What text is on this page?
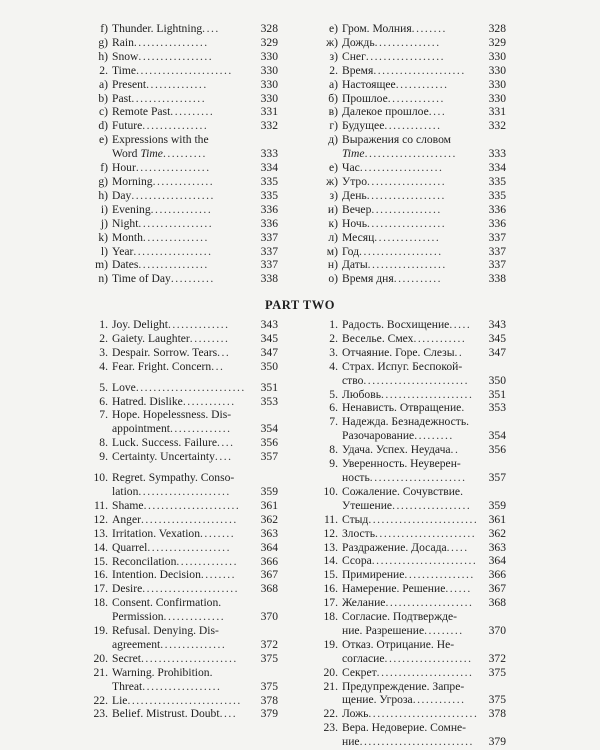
f) Thunder. Lightning....	328
g) Rain.................	329
h) Snow.................	330
2. Time......................	330
a) Present..............	330
b) Past.................	330
c) Remote Past..........	331
d) Future...............	332
e) Expressions with the
Word Time..........	333
f) Hour.................	334
g) Morning..............	335
h) Day...................	335
i) Evening..............	336
j) Night.................	336
k) Month...............	337
l) Year..................	337
m) Dates................	337
n) Time of Day..........	338
е) Гром. Молния........	328
ж) Дождь...............	329
з) Снег..................	330
2. Время.....................	330
а) Настоящее............	330
б) Прошлое.............	330
в) Далекое прошлое....	331
г) Будущее.............	332
д) Выражения со словом
Time.....................	333
е) Час...................	334
ж) Утро..................	335
з) День..................	335
и) Вечер................	336
к) Ночь..................	336
л) Месяц...............	337
м) Год...................	337
н) Даты..................	337
о) Время дня...........	338
PART TWO
1. Joy. Delight..............	343
2. Gaiety. Laughter.........	345
3. Despair. Sorrow. Tears...	347
4. Fear. Fright. Concern...	350
5. Love.........................	351
6. Hatred. Dislike............	353
7. Hope. Hopelessness. Dis-
appointment..............	354
8. Luck. Success. Failure....	356
9. Certainty. Uncertainty....	357
10. Regret. Sympathy. Conso-
lation.....................	359
11. Shame......................	361
12. Anger......................	362
13. Irritation. Vexation........	363
14. Quarrel...................	364
15. Reconcilation..............	366
16. Intention. Decision........	367
17. Desire......................	368
18. Consent. Confirmation.
Permission..............	370
19. Refusal. Denying. Dis-
agreement...............	372
20. Secret......................	375
21. Warning. Prohibition.
Threat..................	375
22. Lie..........................	378
23. Belief. Mistrust. Doubt....	379
1. Радость. Восхищение.....	343
2. Веселье. Смех............	345
3. Отчаяние. Горе. Слезы..	347
4. Страх. Испуг. Беспокой-
ство........................	350
5. Любовь.....................	351
6. Ненависть. Отвращение.	353
7. Надежда. Безнадежность.
Разочарование.........	354
8. Удача. Успех. Неудача..	356
9. Уверенность. Неуверен-
ность......................	357
10. Сожаление. Сочувствие.
Утешение..................	359
11. Стыд......................... 361
12. Злость.......................	362
13. Раздражение. Досада.....	363
14. Ссора........................ 364
15. Примирение................	366
16. Намерение. Решение......	367
17. Желание....................	368
18. Согласие. Подтвержде-
ние. Разрешение.........	370
19. Отказ. Отрицание. Не-
согласие....................	372
20. Секрет......................	375
21. Предупреждение. Запре-
щение. Угроза............	375
22. Ложь......................... 378
23. Вера. Недоверие. Сомне-
ние..........................	379
